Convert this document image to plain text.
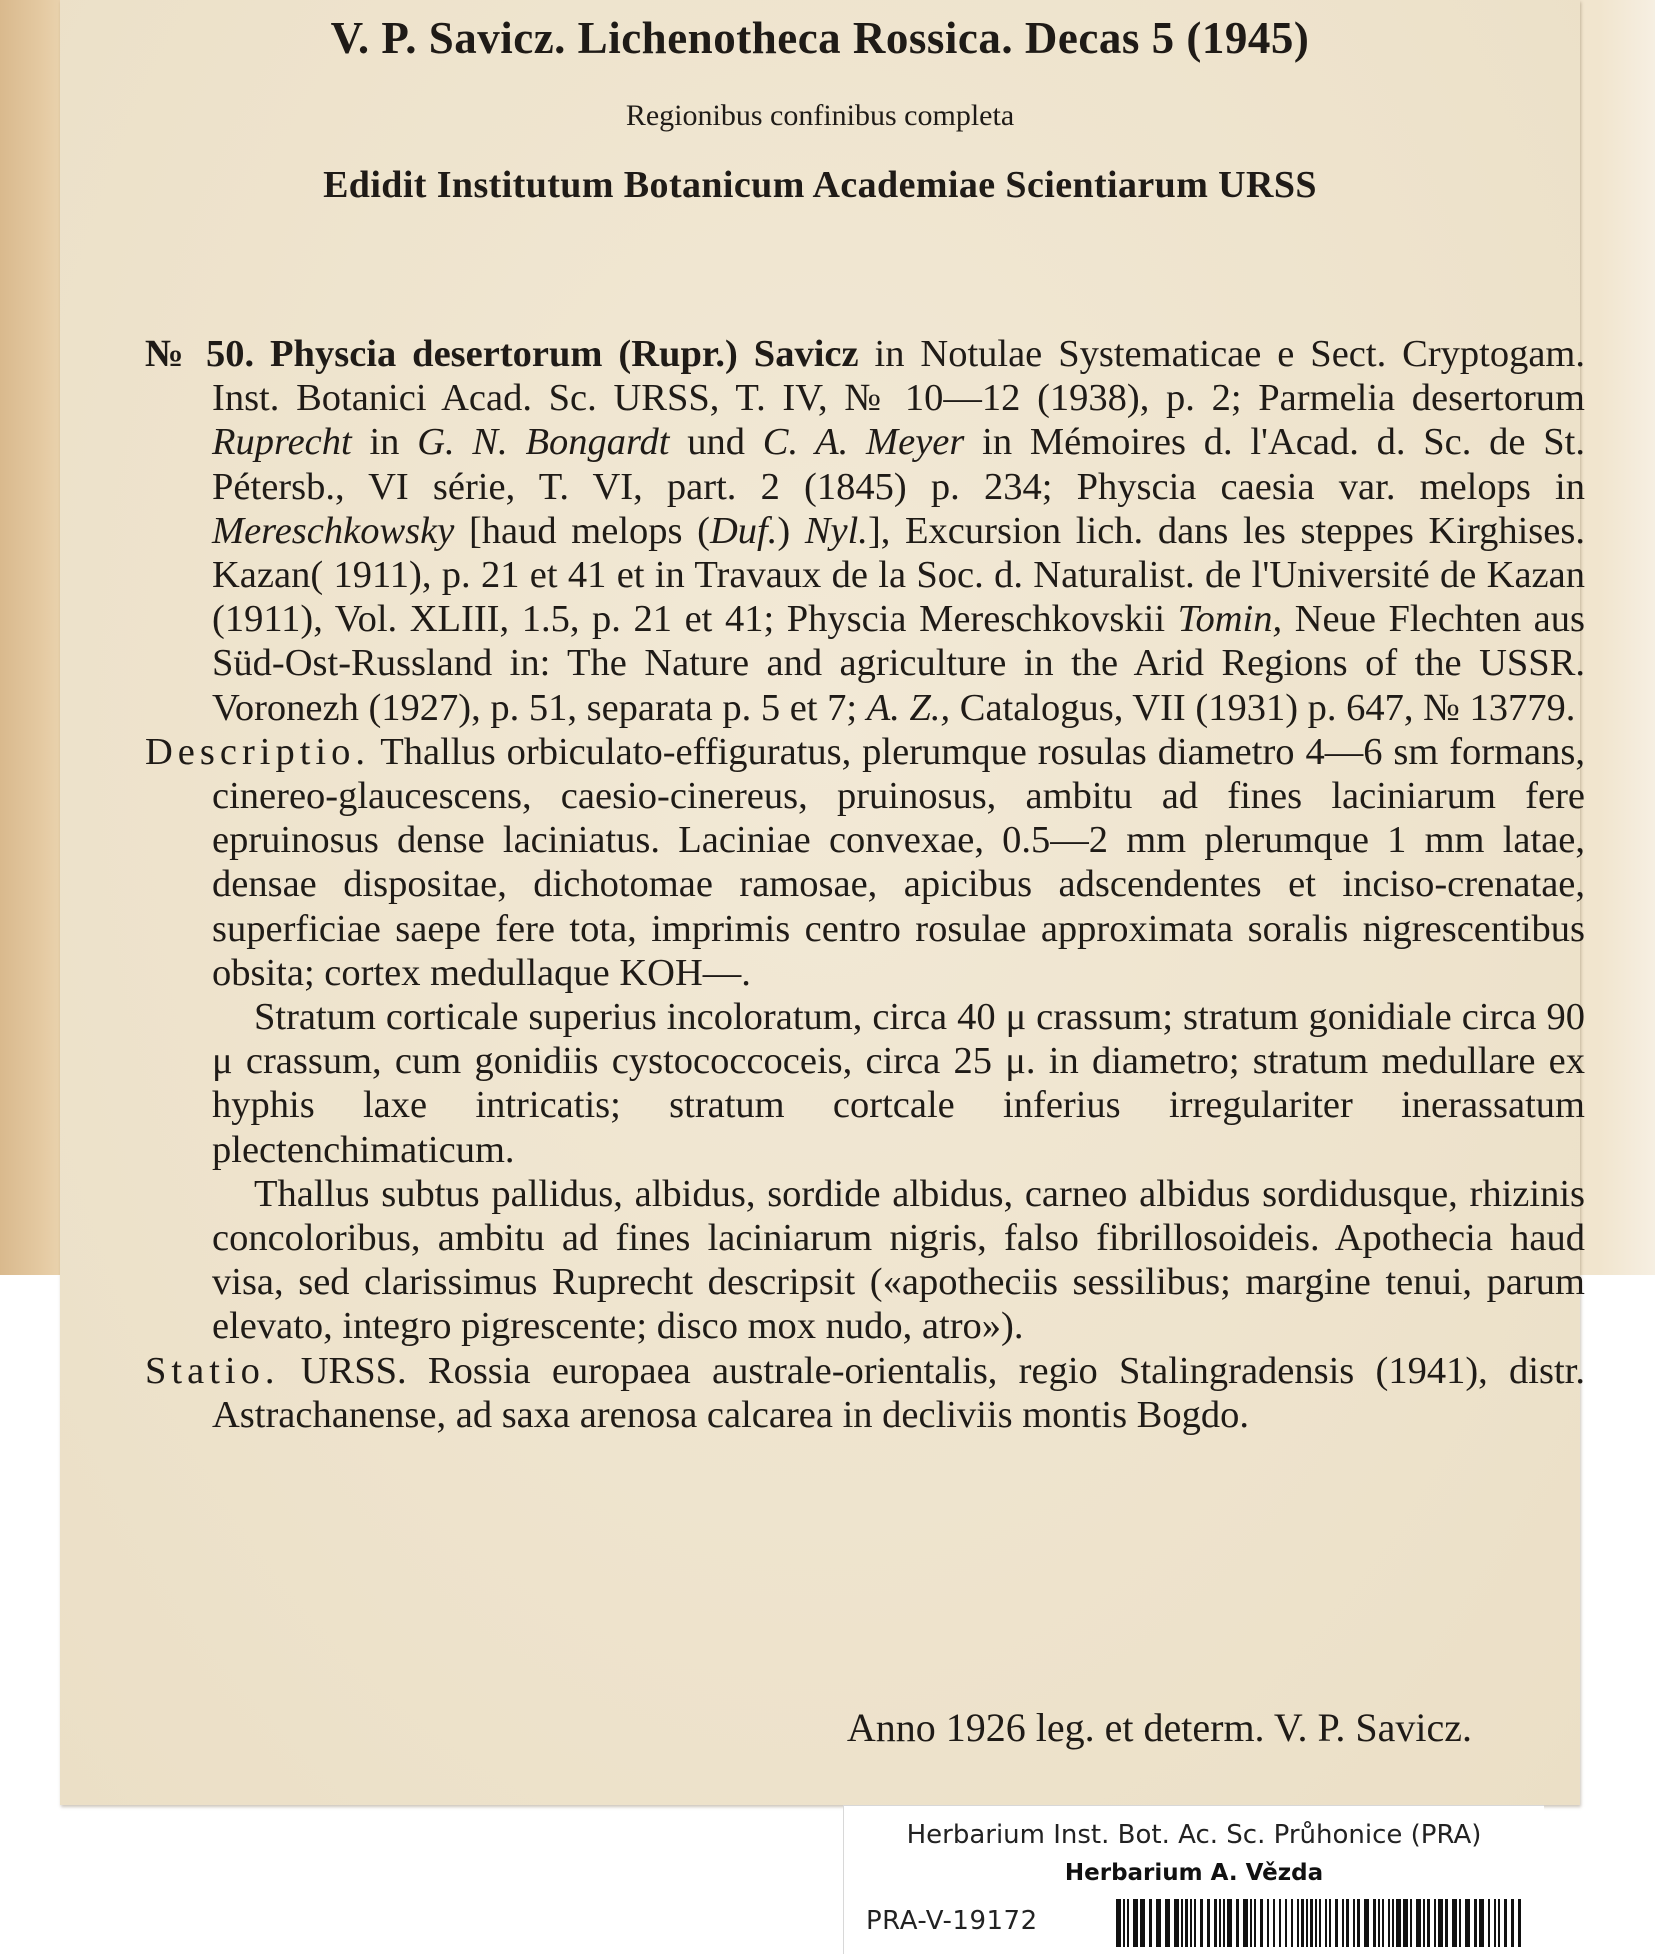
V. P. Savicz. Lichenotheca Rossica. Decas 5 (1945)
Regionibus confinibus completa
Edidit Institutum Botanicum Academiae Scientiarum URSS

№ 50. Physcia desertorum (Rupr.) Savicz in Notulae Systematicae e Sect. Cryptogam. Inst. Botanici Acad. Sc. URSS, T. IV, № 10—12 (1938), p. 2; Parmelia desertorum Ruprecht in G. N. Bongardt und C. A. Meyer in Mémoires d. l'Acad. d. Sc. de St. Pétersb., VI série, T. VI, part. 2 (1845) p. 234; Physcia caesia var. melops in Mereschkowsky [haud melops (Duf.) Nyl.], Excursion lich. dans les steppes Kirghises. Kazan( 1911), p. 21 et 41 et in Travaux de la Soc. d. Naturalist. de l'Université de Kazan (1911), Vol. XLIII, 1.5, p. 21 et 41; Physcia Mereschkovskii Tomin, Neue Flechten aus Süd-Ost-Russland in: The Nature and agriculture in the Arid Regions of the USSR. Voronezh (1927), p. 51, separata p. 5 et 7; A. Z., Catalogus, VII (1931) p. 647, № 13779.

Descriptio. Thallus orbiculato-effiguratus, plerumque rosulas diametro 4—6 sm formans, cinereo-glaucescens, caesio-cinereus, pruinosus, ambitu ad fines laciniarum fere epruinosus dense laciniatus. Laciniae convexae, 0.5—2 mm plerumque 1 mm latae, densae dispositae, dichotomae ramosae, apicibus adscendentes et inciso-crenatae, superficiae saepe fere tota, imprimis centro rosulae approximata soralis nigrescentibus obsita; cortex medullaque KOH—.

Stratum corticale superius incoloratum, circa 40 μ crassum; stratum gonidiale circa 90 μ crassum, cum gonidiis cystococcoceis, circa 25 μ. in diametro; stratum medullare ex hyphis laxe intricatis; stratum cortcale inferius irregulariter inerassatum plectenchimaticum.

Thallus subtus pallidus, albidus, sordide albidus, carneo albidus sordidusque, rhizinis concoloribus, ambitu ad fines laciniarum nigris, falso fibrillosoideis. Apothecia haud visa, sed clarissimus Ruprecht descripsit («apotheciis sessilibus; margine tenui, parum elevato, integro pigrescente; disco mox nudo, atro»).

Statio. URSS. Rossia europaea australe-orientalis, regio Stalingradensis (1941), distr. Astrachanense, ad saxa arenosa calcarea in decliviis montis Bogdo.

Anno 1926 leg. et determ. V. P. Savicz.
Herbarium Inst. Bot. Ac. Sc. Průhonice (PRA)
Herbarium A. Vězda
PRA-V-19172
